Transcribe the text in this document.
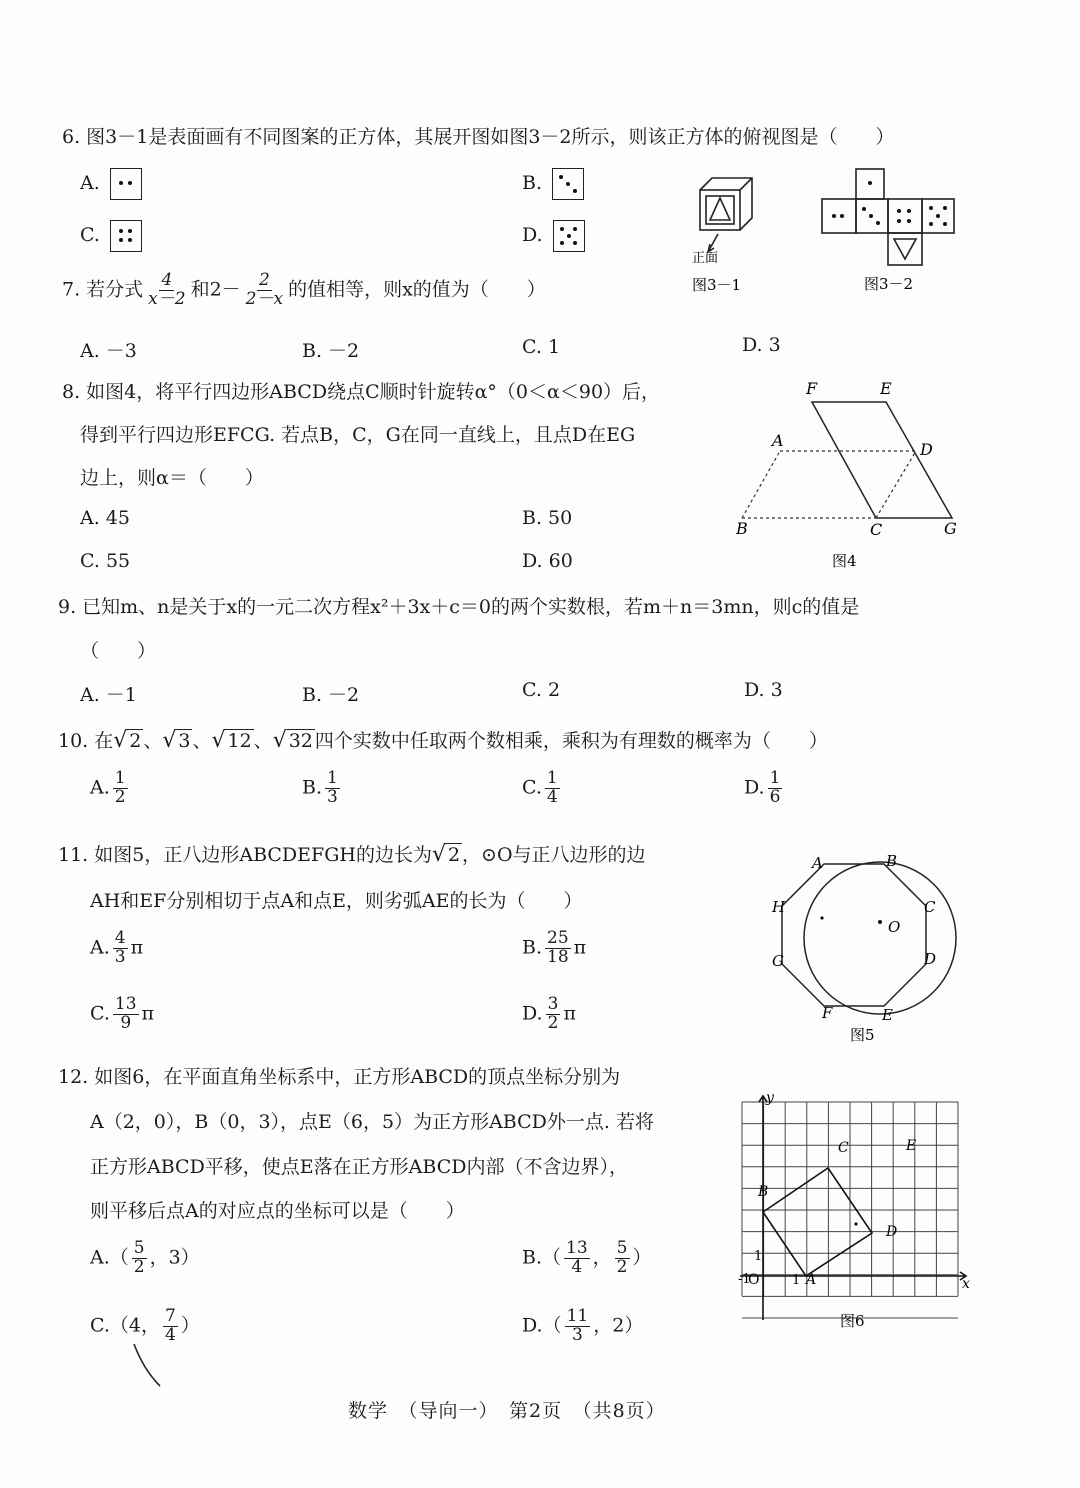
6. 图3－1是表面画有不同图案的正方体，其展开图如图3－2所示，则该正方体的俯视图是（　　）
A.	B.
C.	D.
正面
图3－1	图3－2
7. 若分式 $\frac{4}{x-2}$ 和$2- \frac{2}{2-x}$ 的值相等，则x的值为（　　）
A. －3	B. －2	C. 1	D. 3
8. 如图4，将平行四边形ABCD绕点C顺时针旋转α°（0＜α＜90）后，
得到平行四边形EFCG. 若点B，C，G在同一直线上，且点D在EG
边上，则α＝（　　）
A. 45	B. 50
C. 55	D. 60
F	E
A	D
B	C	G
图4
9. 已知m、n是关于x的一元二次方程x²＋3x＋c＝0的两个实数根，若m＋n＝3mn，则c的值是
（　　）
A. －1	B. －2	C. 2	D. 3
10. 在 √ 2 、 √ 3 、 √ 12 、 √ 32 四个实数中任取两个数相乘，乘积为有理数的概率为（　　）
A. $\frac{1}{2}$	B. $\frac{1}{3}$	C. $\frac{1}{4}$	D. $\frac{1}{6}$
11. 如图5，正八边形ABCDEFGH的边长为 √ 2 ，⊙O与正八边形的边
AH和EF分别相切于点A和点E，则劣弧AE的长为（　　）
A. $\frac{4}{3}$ π	B. $\frac{25}{18}$ π
C. $\frac{13}{9}$ π	D. $\frac{3}{2}$ π
A	B
C
D
E
F
G
H
O
图5
12. 如图6，在平面直角坐标系中，正方形ABCD的顶点坐标分别为
A（2，0），B（0，3），点E（6，5）为正方形ABCD外一点. 若将
正方形ABCD平移，使点E落在正方形ABCD内部（不含边界），
则平移后点A的对应点的坐标可以是（　　）
$A.( \frac{5}{2}$ ，3）	$B.( \frac{13}{4}$ ， $\frac{5}{2}$ ）
C.（4， $\frac{7}{4}$ ）	$D.( \frac{11}{3}$ ，2）
y
x
O	1
1
-1	A
B
C
D
E
图6
数学　（导向一）　第2页　（共8页）
